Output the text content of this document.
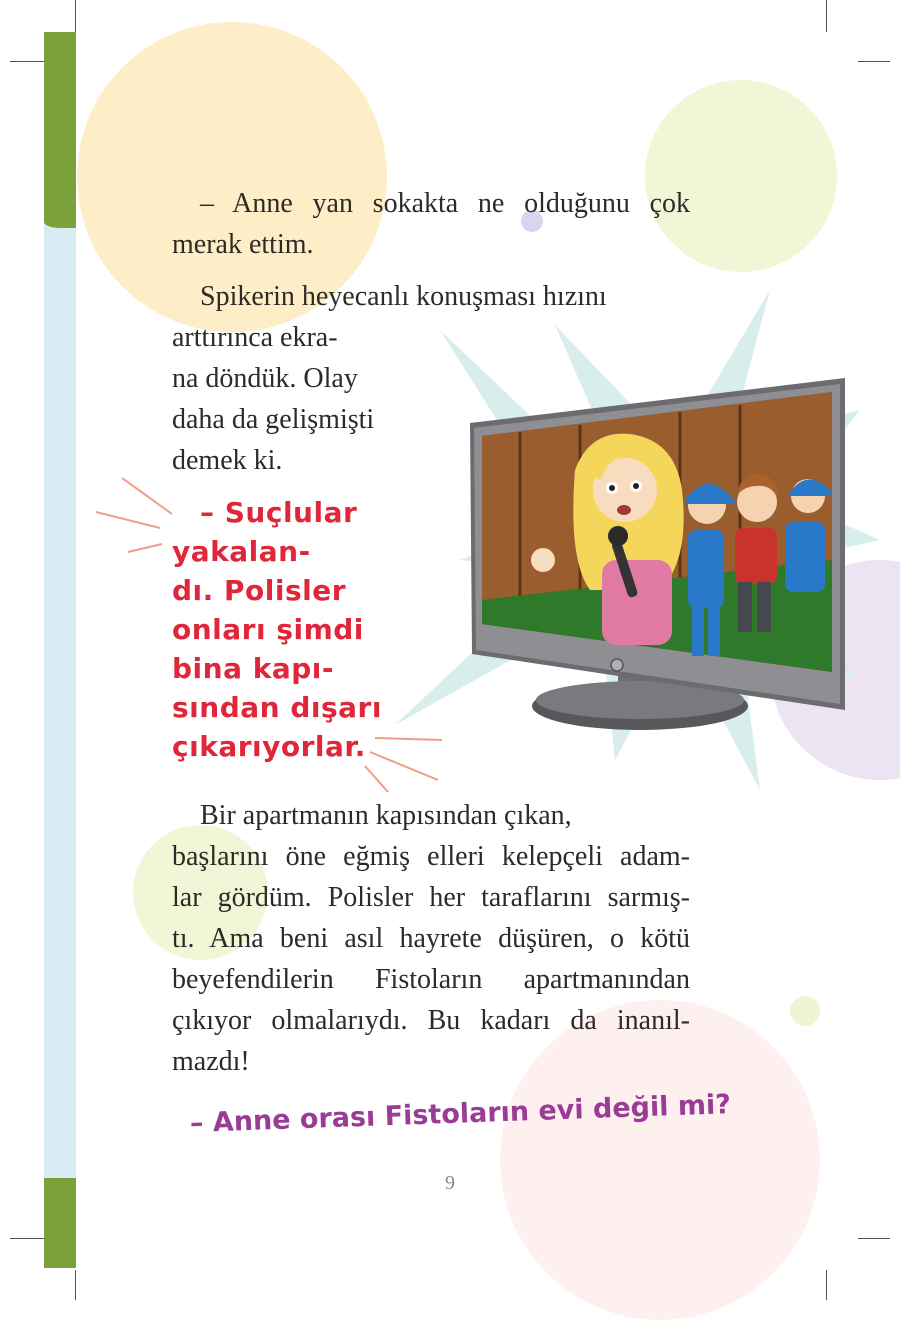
– Anne yan sokakta ne olduğunu çok
merak ettim.
Spikerin heyecanlı konuşması hızını
arttırınca ekra-
na döndük. Olay
daha da gelişmişti
demek ki.
– Suçlular
yakalan-
dı. Polisler
onları şimdi
bina kapı-
sından dışarı
çıkarıyorlar.
Bir apartmanın kapısından çıkan,
başlarını öne eğmiş elleri kelepçeli adam-
lar gördüm. Polisler her taraflarını sarmış-
tı. Ama beni asıl hayrete düşüren, o kötü
beyefendilerin Fistoların apartmanından
çıkıyor olmalarıydı. Bu kadarı da inanıl-
mazdı!
– Anne orası Fistoların evi değil mi?
9
